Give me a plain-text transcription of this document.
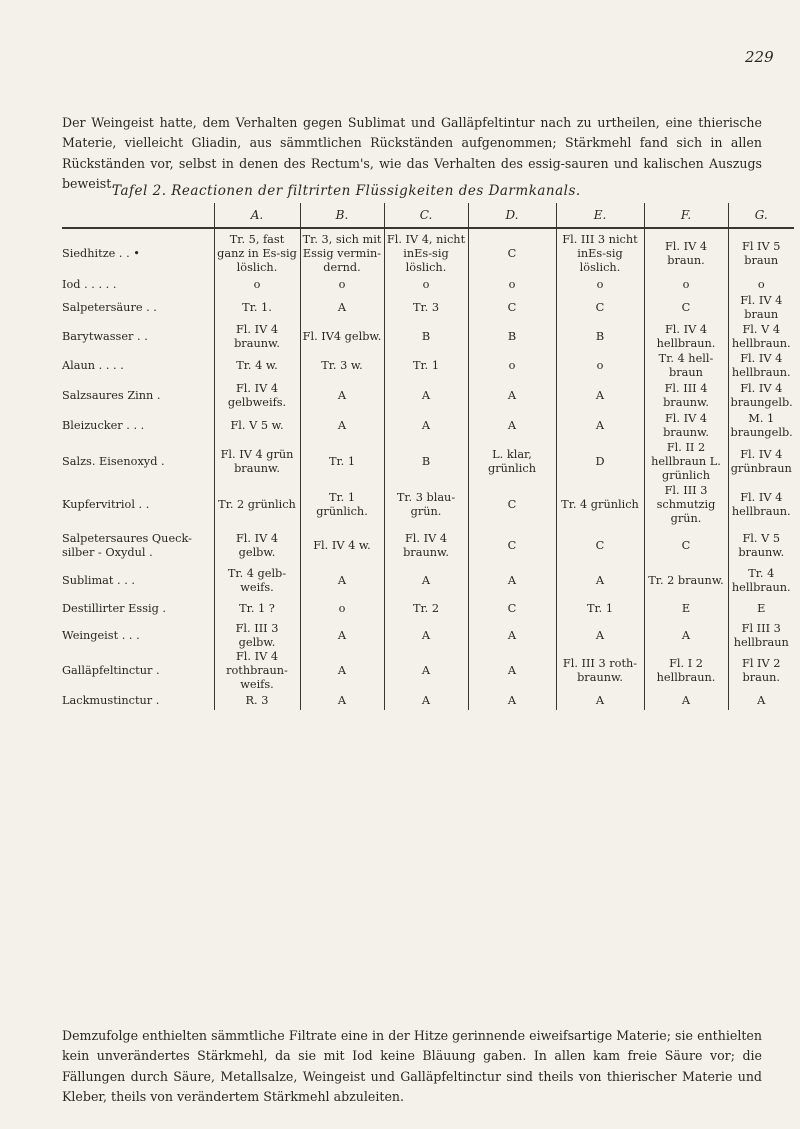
229

Der Weingeist hatte, dem Verhalten gegen Sublimat und Galläpfeltintur nach zu urtheilen, eine thierische Materie, vielleicht Gliadin, aus sämmtlichen Rückständen aufgenommen; Stärkmehl fand sich in allen Rückständen vor, selbst in denen des Rectum's, wie das Verhalten des essig-sauren und kalischen Auszugs beweist.

Tafel 2. Reactionen der filtrirten Flüssigkeiten des Darmkanals.
	A.	B.	C.	D.	E.	F.	G.
Siedhitze . . •	Tr. 5, fast ganz in Es-sig löslich.	Tr. 3, sich mit Essig vermin-dernd.	Fl. IV 4, nicht inEs-sig löslich.	C	Fl. III 3 nicht inEs-sig löslich.	Fl. IV 4 braun.	Fl IV 5 braun
Iod . . . . .	o	o	o	o	o	o	o
Salpetersäure . .	Tr. 1.	A	Tr. 3	C	C	C	Fl. IV 4 braun
Barytwasser . .	Fl. IV 4 braunw.	Fl. IV4 gelbw.	B	B	B	Fl. IV 4 hellbraun.	Fl. V 4 hellbraun.
Alaun . . . .	Tr. 4 w.	Tr. 3 w.	Tr. 1	o	o	Tr. 4 hell-braun	Fl. IV 4 hellbraun.
Salzsaures Zinn .	Fl. IV 4 gelbweifs.	A	A	A	A	Fl. III 4 braunw.	Fl. IV 4 braungelb.
Bleizucker . . .	Fl. V 5 w.	A	A	A	A	Fl. IV 4 braunw.	M. 1 braungelb.
Salzs. Eisenoxyd .	Fl. IV 4 grün braunw.	Tr. 1	B	L. klar, grünlich	D	Fl. II 2 hellbraun L. grünlich	Fl. IV 4 grünbraun
Kupfervitriol . .	Tr. 2 grünlich	Tr. 1 grünlich.	Tr. 3 blau-grün.	C	Tr. 4 grünlich	Fl. III 3 schmutzig grün.	Fl. IV 4 hellbraun.
Salpetersaures Queck-silber - Oxydul .	Fl. IV 4 gelbw.	Fl. IV 4 w.	Fl. IV 4 braunw.	C	C	C	Fl. V 5 braunw.
Sublimat . . .	Tr. 4 gelb-weifs.	A	A	A	A	Tr. 2 braunw.	Tr. 4 hellbraun.
Destillirter Essig .	Tr. 1 ?	o	Tr. 2	C	Tr. 1	E	E
Weingeist . . .	Fl. III 3 gelbw.	A	A	A	A	A	Fl III 3 hellbraun
Galläpfeltinctur .	Fl. IV 4 rothbraun-weifs.	A	A	A	Fl. III 3 roth-braunw.	Fl. I 2 hellbraun.	Fl IV 2 braun.
Lackmustinctur .	R. 3	A	A	A	A	A	A

Demzufolge enthielten sämmtliche Filtrate eine in der Hitze gerinnende eiweifsartige Materie; sie enthielten kein unverändertes Stärkmehl, da sie mit Iod keine Bläuung gaben. In allen kam freie Säure vor; die Fällungen durch Säure, Metallsalze, Weingeist und Galläpfeltinctur sind theils von thierischer Materie und Kleber, theils von verändertem Stärkmehl abzuleiten.
